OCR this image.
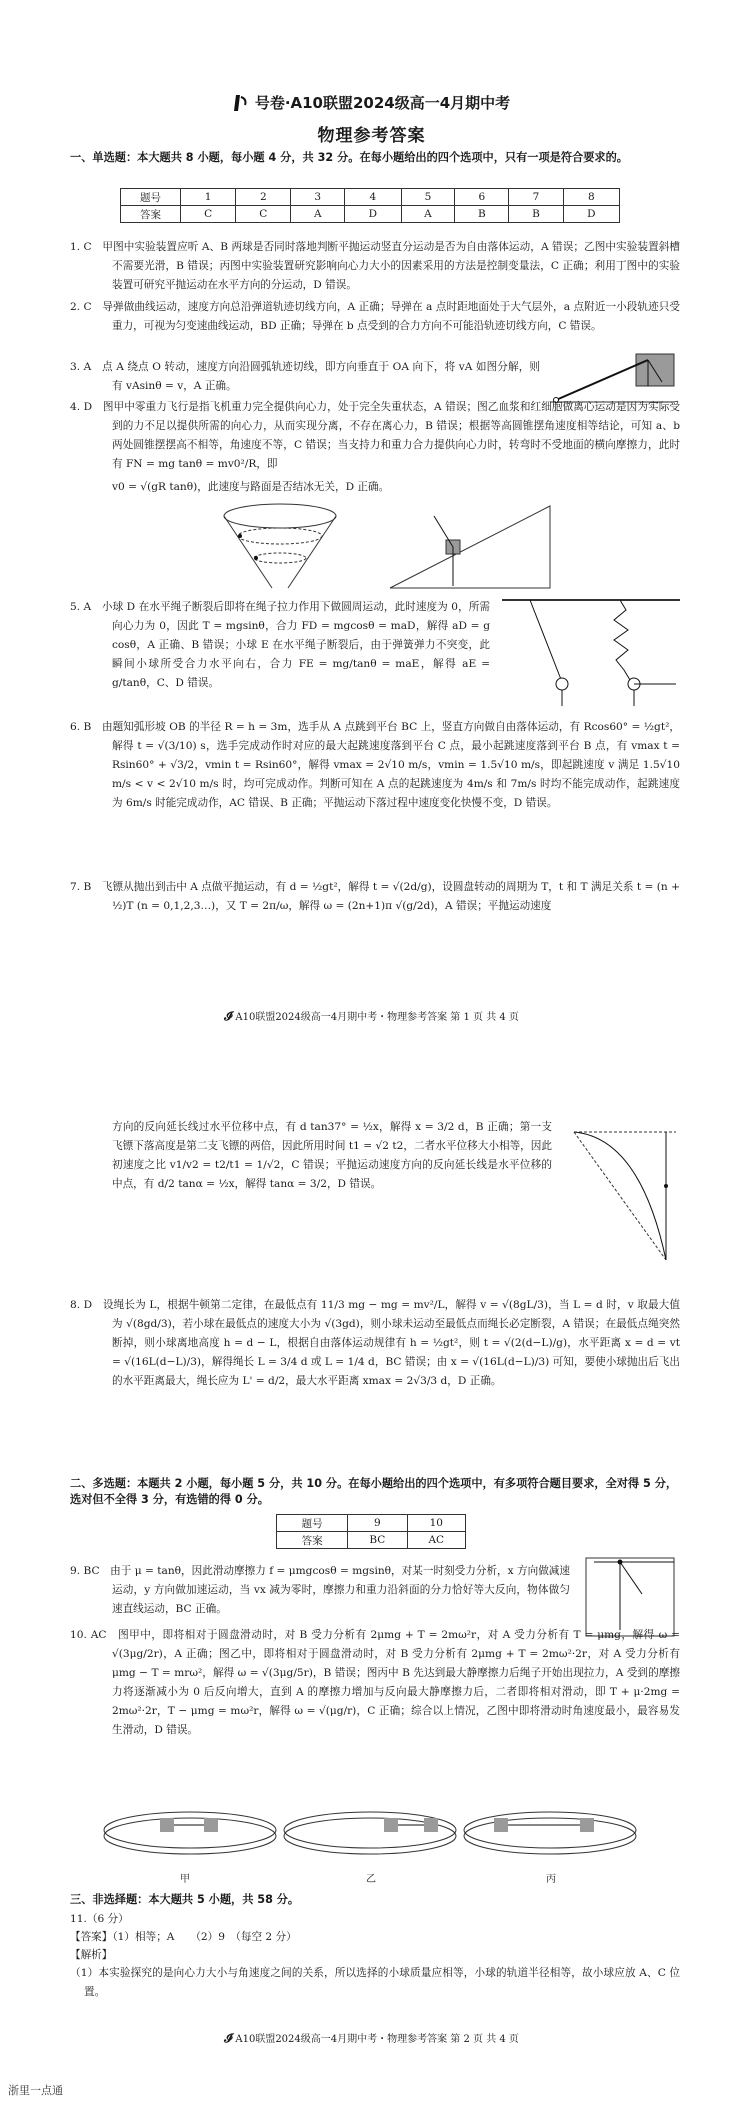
号卷·A10联盟2024级高一4月期中考
物理参考答案
一、单选题：本大题共 8 小题，每小题 4 分，共 32 分。在每小题给出的四个选项中，只有一项是符合要求的。
题号	1	2	3	4	5	6	7	8
答案	C	C	A	D	A	B	B	D
1. C　甲图中实验装置应听 A、B 两球是否同时落地判断平抛运动竖直分运动是否为自由落体运动，A 错误；乙图中实验装置斜槽不需要光滑，B 错误；丙图中实验装置研究影响向心力大小的因素采用的方法是控制变量法，C 正确；利用丁图中的实验装置可研究平抛运动在水平方向的分运动，D 错误。
2. C　导弹做曲线运动，速度方向总沿弹道轨迹切线方向，A 正确；导弹在 a 点时距地面处于大气层外，a 点附近一小段轨迹只受重力，可视为匀变速曲线运动，BD 正确；导弹在 b 点受到的合力方向不可能沿轨迹切线方向，C 错误。
3. A　点 A 绕点 O 转动，速度方向沿圆弧轨迹切线，即方向垂直于 OA 向下，将 vA 如图分解，则有 vAsinθ = v，A 正确。
4. D　图甲中零重力飞行是指飞机重力完全提供向心力，处于完全失重状态，A 错误；图乙血浆和红细胞做离心运动是因为实际受到的力不足以提供所需的向心力，从而实现分离，不存在离心力，B 错误；根据等高圆锥摆角速度相等结论，可知 a、b 两处圆锥摆摆高不相等，角速度不等，C 错误；当支持力和重力合力提供向心力时，转弯时不受地面的横向摩擦力，此时有 FN = mg tanθ = mv0²/R，即
v0 = √(gR tanθ)，此速度与路面是否结冰无关，D 正确。
5. A　小球 D 在水平绳子断裂后即将在绳子拉力作用下做圆周运动，此时速度为 0，所需向心力为 0，因此 T = mgsinθ，合力 FD = mgcosθ = maD，解得 aD = g cosθ，A 正确、B 错误；小球 E 在水平绳子断裂后，由于弹簧弹力不突变，此瞬间小球所受合力水平向右，合力 FE = mg/tanθ = maE，解得 aE = g/tanθ，C、D 错误。
6. B　由题知弧形坡 OB 的半径 R = h = 3m，选手从 A 点跳到平台 BC 上，竖直方向做自由落体运动，有 Rcos60° = ½gt²，解得 t = √(3/10) s，选手完成动作时对应的最大起跳速度落到平台 C 点，最小起跳速度落到平台 B 点，有 vmax t = Rsin60° + √3/2，vmin t = Rsin60°，解得 vmax = 2√10 m/s，vmin = 1.5√10 m/s，即起跳速度 v 满足 1.5√10 m/s < v < 2√10 m/s 时，均可完成动作。判断可知在 A 点的起跳速度为 4m/s 和 7m/s 时均不能完成动作，起跳速度为 6m/s 时能完成动作，AC 错误、B 正确；平抛运动下落过程中速度变化快慢不变，D 错误。
7. B　飞镖从抛出到击中 A 点做平抛运动，有 d = ½gt²，解得 t = √(2d/g)，设圆盘转动的周期为 T，t 和 T 满足关系 t = (n + ½)T (n = 0,1,2,3…)，又 T = 2π/ω，解得 ω = (2n+1)π √(g/2d)，A 错误；平抛运动速度
𝓘 A10联盟2024级高一4月期中考・物理参考答案 第 1 页 共 4 页
方向的反向延长线过水平位移中点，有 d tan37° = ½x，解得 x = 3/2 d，B 正确；第一支飞镖下落高度是第二支飞镖的两倍，因此所用时间 t1 = √2 t2，二者水平位移大小相等，因此初速度之比 v1/v2 = t2/t1 = 1/√2，C 错误；平抛运动速度方向的反向延长线是水平位移的中点，有 d/2 tanα = ½x，解得 tanα = 3/2，D 错误。
8. D　设绳长为 L，根据牛顿第二定律，在最低点有 11/3 mg − mg = mv²/L，解得 v = √(8gL/3)，当 L = d 时，v 取最大值为 √(8gd/3)，若小球在最低点的速度大小为 √(3gd)，则小球未运动至最低点而绳长必定断裂，A 错误；在最低点绳突然断掉，则小球离地高度 h = d − L，根据自由落体运动规律有 h = ½gt²，则 t = √(2(d−L)/g)，水平距离 x = d = vt = √(16L(d−L)/3)，解得绳长 L = 3/4 d 或 L = 1/4 d，BC 错误；由 x = √(16L(d−L)/3) 可知，要使小球抛出后飞出的水平距离最大，绳长应为 L' = d/2，最大水平距离 xmax = 2√3/3 d，D 正确。
二、多选题：本题共 2 小题，每小题 5 分，共 10 分。在每小题给出的四个选项中，有多项符合题目要求，全对得 5 分，选对但不全得 3 分，有选错的得 0 分。
题号	9	10
答案	BC	AC
9. BC　由于 μ = tanθ，因此滑动摩擦力 f = μmgcosθ = mgsinθ，对某一时刻受力分析，x 方向做减速运动，y 方向做加速运动，当 vx 减为零时，摩擦力和重力沿斜面的分力恰好等大反向，物体做匀速直线运动，BC 正确。
10. AC　图甲中，即将相对于圆盘滑动时，对 B 受力分析有 2μmg + T = 2mω²r，对 A 受力分析有 T = μmg，解得 ω = √(3μg/2r)，A 正确；图乙中，即将相对于圆盘滑动时，对 B 受力分析有 2μmg + T = 2mω²·2r，对 A 受力分析有 μmg − T = mrω²，解得 ω = √(3μg/5r)，B 错误；图丙中 B 先达到最大静摩擦力后绳子开始出现拉力，A 受到的摩擦力将逐渐减小为 0 后反向增大，直到 A 的摩擦力增加与反向最大静摩擦力后，二者即将相对滑动，即 T + μ·2mg = 2mω²·2r，T − μmg = mω²r，解得 ω = √(μg/r)，C 正确；综合以上情况，乙图中即将滑动时角速度最小，最容易发生滑动，D 错误。
甲	乙	丙
三、非选择题：本大题共 5 小题，共 58 分。
11.（6 分）
【答案】（1）相等；A　　（2）9　（每空 2 分）
【解析】
（1）本实验探究的是向心力大小与角速度之间的关系，所以选择的小球质量应相等，小球的轨道半径相等，故小球应放 A、C 位置。
𝓘 A10联盟2024级高一4月期中考・物理参考答案 第 2 页 共 4 页
浙里一点通
